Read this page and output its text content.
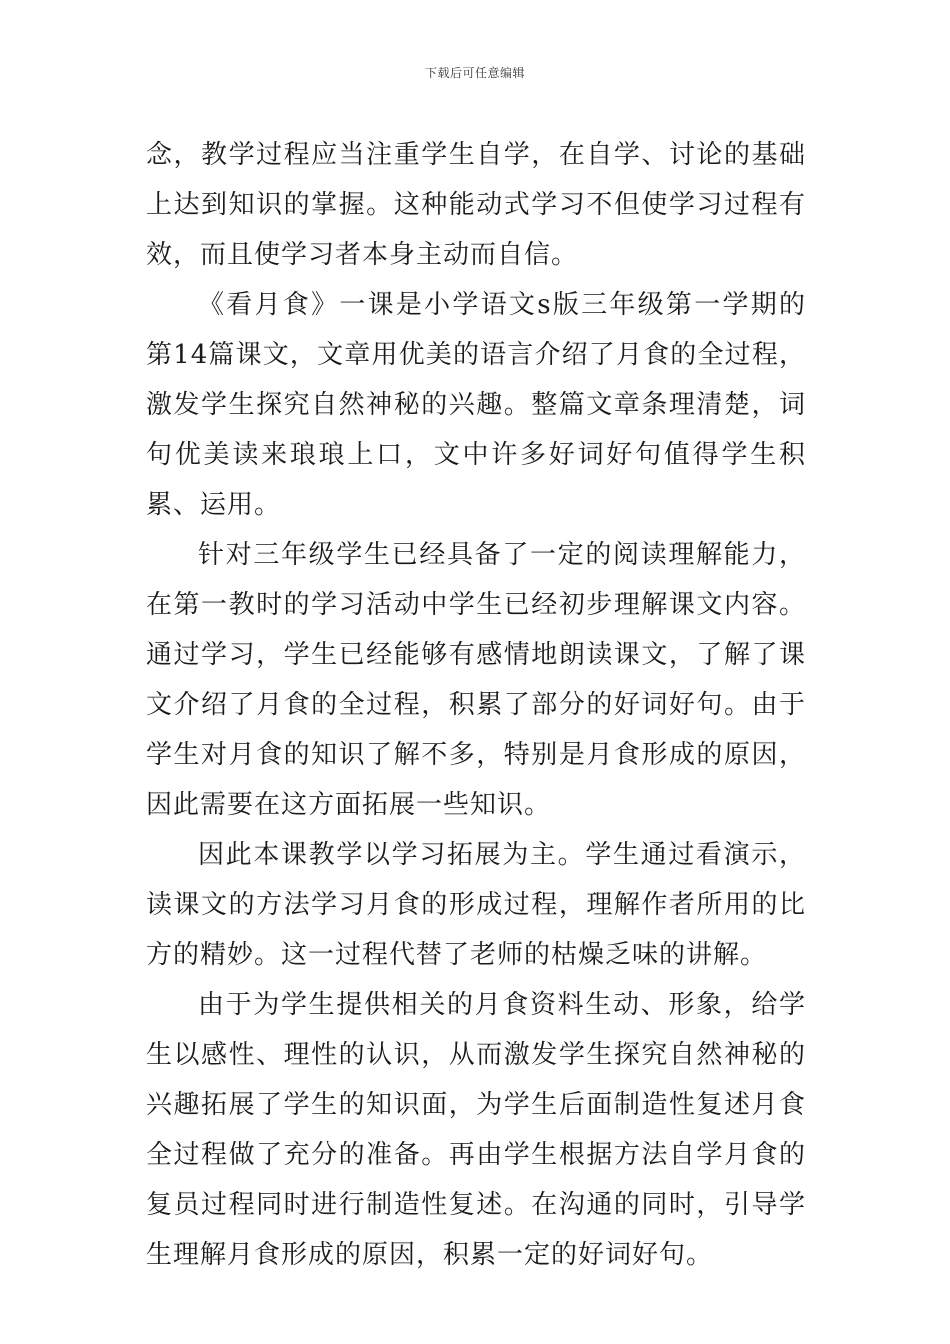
下载后可任意编辑

念，教学过程应当注重学生自学，在自学、讨论的基础上达到知识的掌握。这种能动式学习不但使学习过程有效，而且使学习者本身主动而自信。

《看月食》一课是小学语文s版三年级第一学期的第14篇课文，文章用优美的语言介绍了月食的全过程，激发学生探究自然神秘的兴趣。整篇文章条理清楚，词句优美读来琅琅上口，文中许多好词好句值得学生积累、运用。

针对三年级学生已经具备了一定的阅读理解能力，在第一教时的学习活动中学生已经初步理解课文内容。通过学习，学生已经能够有感情地朗读课文，了解了课文介绍了月食的全过程，积累了部分的好词好句。由于学生对月食的知识了解不多，特别是月食形成的原因，因此需要在这方面拓展一些知识。

因此本课教学以学习拓展为主。学生通过看演示，读课文的方法学习月食的形成过程，理解作者所用的比方的精妙。这一过程代替了老师的枯燥乏味的讲解。

由于为学生提供相关的月食资料生动、形象，给学生以感性、理性的认识，从而激发学生探究自然神秘的兴趣拓展了学生的知识面，为学生后面制造性复述月食全过程做了充分的准备。再由学生根据方法自学月食的复员过程同时进行制造性复述。在沟通的同时，引导学生理解月食形成的原因，积累一定的好词好句。
